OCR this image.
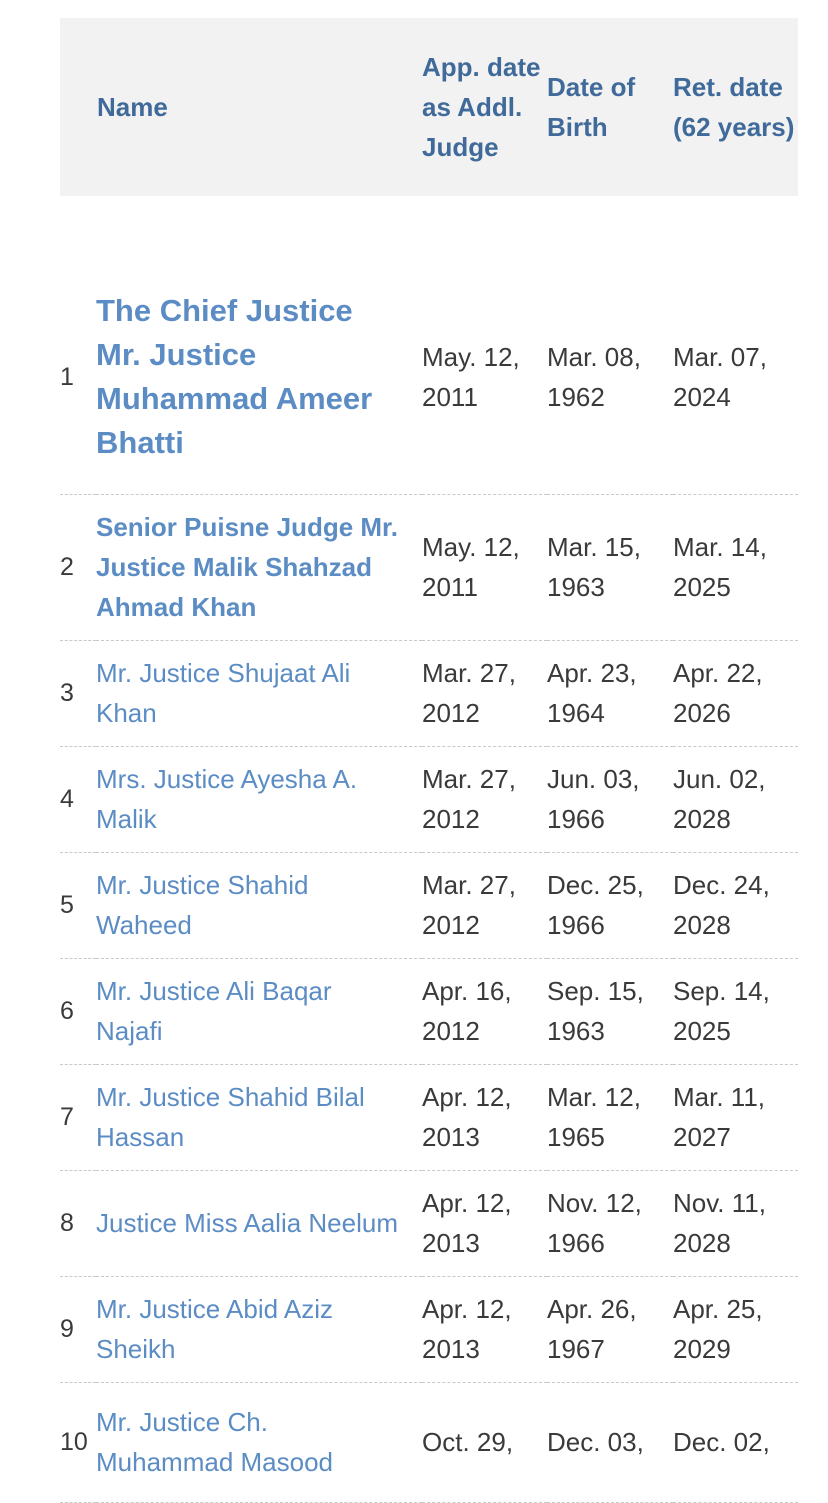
	Name	App. date as Addl. Judge	Date of Birth	Ret. date (62 years)

1	The Chief Justice Mr. Justice Muhammad Ameer Bhatti	May. 12, 2011	Mar. 08, 1962	Mar. 07, 2024
2	Senior Puisne Judge Mr. Justice Malik Shahzad Ahmad Khan	May. 12, 2011	Mar. 15, 1963	Mar. 14, 2025
3	Mr. Justice Shujaat Ali Khan	Mar. 27, 2012	Apr. 23, 1964	Apr. 22, 2026
4	Mrs. Justice Ayesha A. Malik	Mar. 27, 2012	Jun. 03, 1966	Jun. 02, 2028
5	Mr. Justice Shahid Waheed	Mar. 27, 2012	Dec. 25, 1966	Dec. 24, 2028
6	Mr. Justice Ali Baqar Najafi	Apr. 16, 2012	Sep. 15, 1963	Sep. 14, 2025
7	Mr. Justice Shahid Bilal Hassan	Apr. 12, 2013	Mar. 12, 1965	Mar. 11, 2027
8	Justice Miss Aalia Neelum	Apr. 12, 2013	Nov. 12, 1966	Nov. 11, 2028
9	Mr. Justice Abid Aziz Sheikh	Apr. 12, 2013	Apr. 26, 1967	Apr. 25, 2029
10	Mr. Justice Ch. Muhammad Masood	Oct. 29,	Dec. 03,	Dec. 02,
